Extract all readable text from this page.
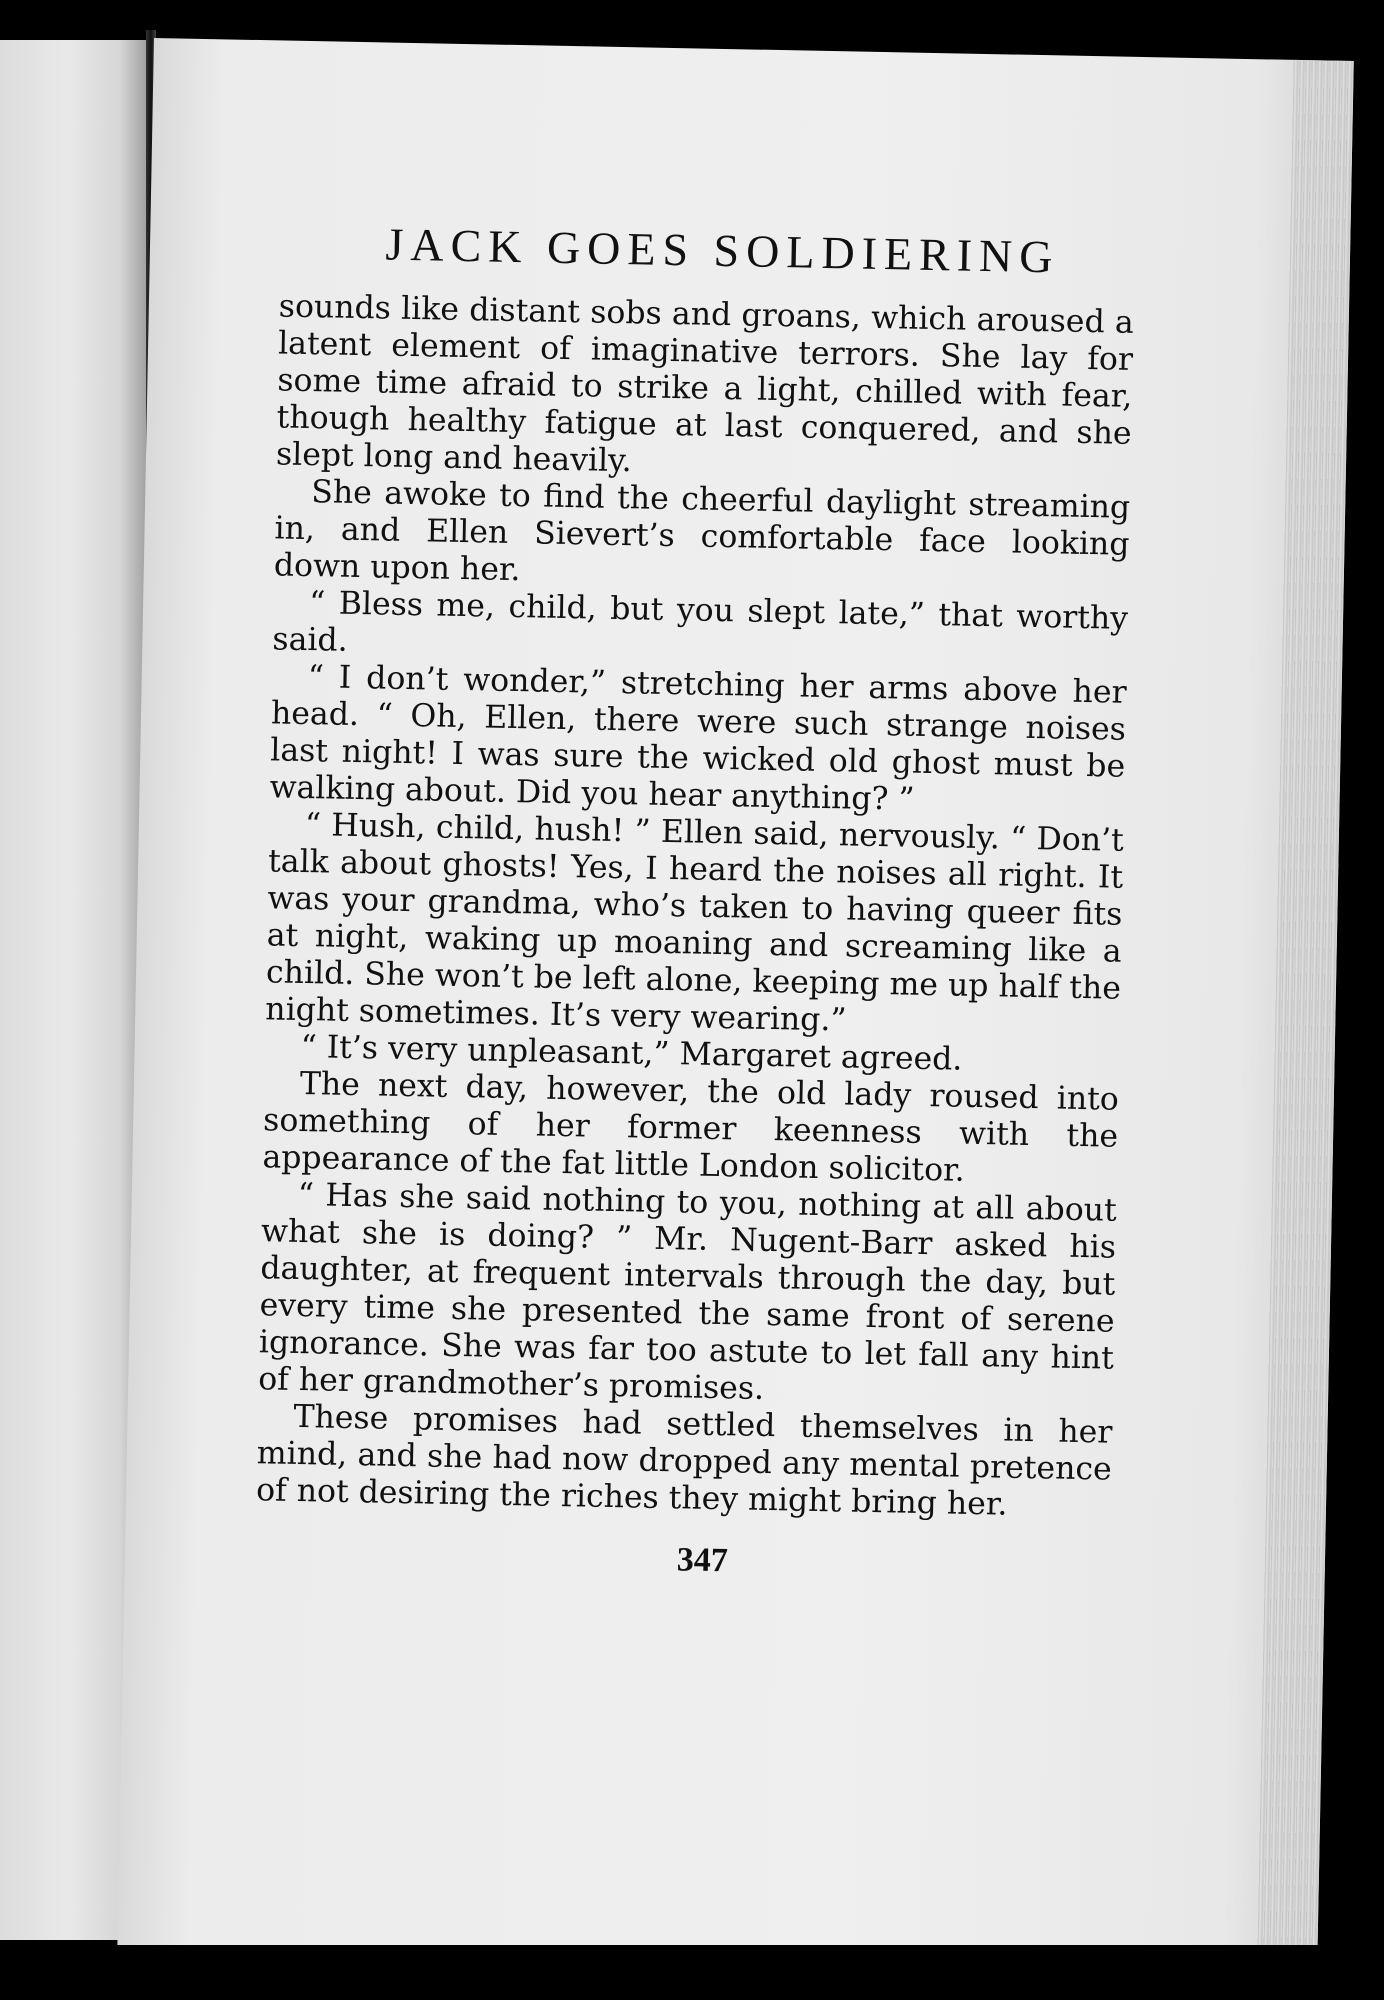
JACK GOES SOLDIERING

sounds like distant sobs and groans, which aroused a latent element of imaginative terrors. She lay for some time afraid to strike a light, chilled with fear, though healthy fatigue at last conquered, and she slept long and heavily.

She awoke to find the cheerful daylight streaming in, and Ellen Sievert’s comfortable face looking down upon her.

“ Bless me, child, but you slept late,” that worthy said.

“ I don’t wonder,” stretching her arms above her head. “ Oh, Ellen, there were such strange noises last night! I was sure the wicked old ghost must be walking about. Did you hear anything? ”

“ Hush, child, hush! ” Ellen said, nervously. “ Don’t talk about ghosts! Yes, I heard the noises all right. It was your grandma, who’s taken to having queer fits at night, waking up moaning and screaming like a child. She won’t be left alone, keeping me up half the night sometimes. It’s very wearing.”

“ It’s very unpleasant,” Margaret agreed.

The next day, however, the old lady roused into something of her former keenness with the appearance of the fat little London solicitor.

“ Has she said nothing to you, nothing at all about what she is doing? ” Mr. Nugent-Barr asked his daughter, at frequent intervals through the day, but every time she presented the same front of serene ignorance. She was far too astute to let fall any hint of her grandmother’s promises.

These promises had settled themselves in her mind, and she had now dropped any mental pretence of not desiring the riches they might bring her.

347
